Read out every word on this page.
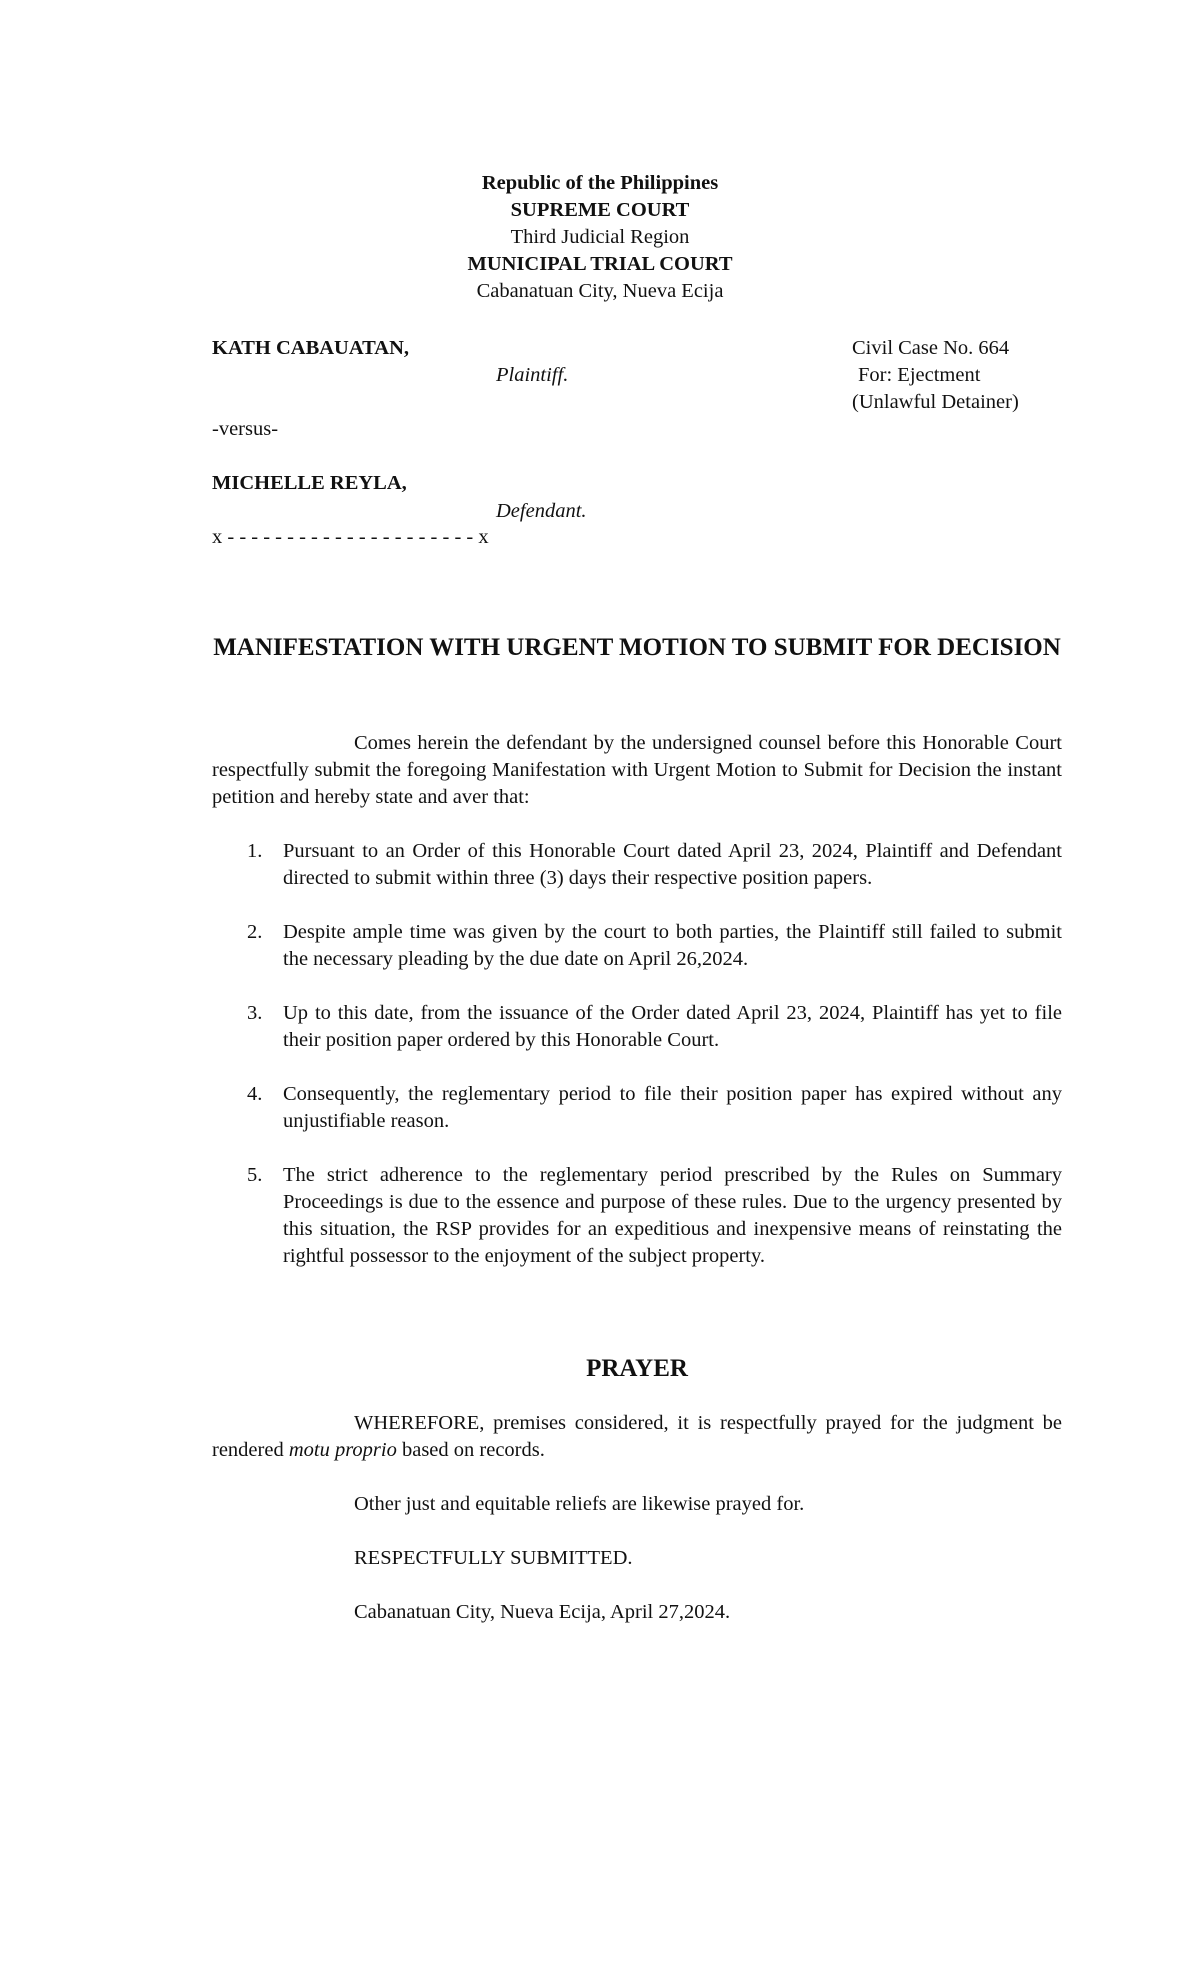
Republic of the Philippines
SUPREME COURT
Third Judicial Region
MUNICIPAL TRIAL COURT
Cabanatuan City, Nueva Ecija
KATH CABAUATAN,
Plaintiff.
-versus-
MICHELLE REYLA,
Defendant.
x - - - - - - - - - - - - - - - - - - - - - x
Civil Case No. 664
For: Ejectment
(Unlawful Detainer)
MANIFESTATION WITH URGENT MOTION TO SUBMIT FOR DECISION
Comes herein the defendant by the undersigned counsel before this Honorable Court respectfully submit the foregoing Manifestation with Urgent Motion to Submit for Decision the instant petition and hereby state and aver that:
1. Pursuant to an Order of this Honorable Court dated April 23, 2024, Plaintiff and Defendant directed to submit within three (3) days their respective position papers.
2. Despite ample time was given by the court to both parties, the Plaintiff still failed to submit the necessary pleading by the due date on April 26,2024.
3. Up to this date, from the issuance of the Order dated April 23, 2024, Plaintiff has yet to file their position paper ordered by this Honorable Court.
4. Consequently, the reglementary period to file their position paper has expired without any unjustifiable reason.
5. The strict adherence to the reglementary period prescribed by the Rules on Summary Proceedings is due to the essence and purpose of these rules. Due to the urgency presented by this situation, the RSP provides for an expeditious and inexpensive means of reinstating the rightful possessor to the enjoyment of the subject property.
PRAYER
WHEREFORE, premises considered, it is respectfully prayed for the judgment be rendered motu proprio based on records.
Other just and equitable reliefs are likewise prayed for.
RESPECTFULLY SUBMITTED.
Cabanatuan City, Nueva Ecija, April 27,2024.
